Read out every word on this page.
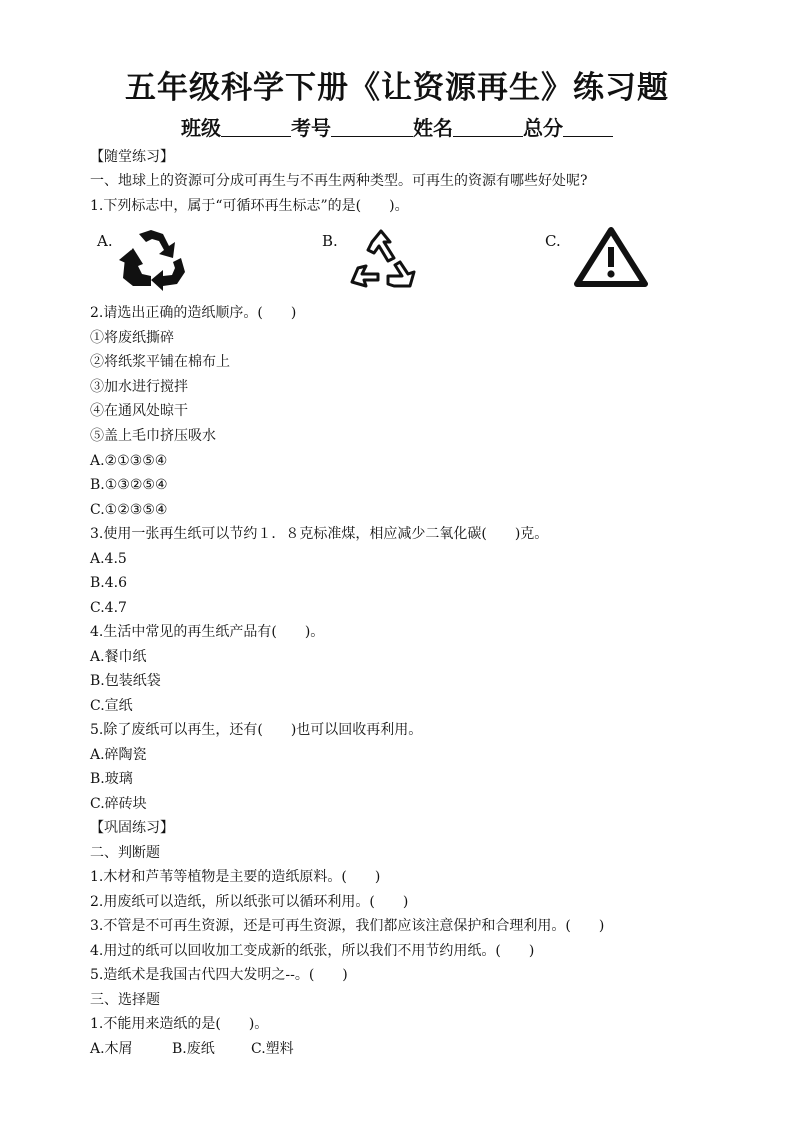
五年级科学下册《让资源再生》练习题
班级	考号	姓名	总分
【随堂练习】
一、地球上的资源可分成可再生与不再生两种类型。可再生的资源有哪些好处呢?
1.下列标志中，属于“可循环再生标志”的是(　　)。
A.	B.	C.
2.请选出正确的造纸顺序。(　　)
①将废纸撕碎
②将纸浆平铺在棉布上
③加水进行搅拌
④在通风处晾干
⑤盖上毛巾挤压吸水
A.②①③⑤④
B.①③②⑤④
C.①②③⑤④
3.使用一张再生纸可以节约１．８克标准煤，相应减少二氧化碳(　　)克。
A.4.5
B.4.6
C.4.7
4.生活中常见的再生纸产品有(　　)。
A.餐巾纸
B.包装纸袋
C.宣纸
5.除了废纸可以再生，还有(　　)也可以回收再利用。
A.碎陶瓷
B.玻璃
C.碎砖块
【巩固练习】
二、判断题
1.木材和芦苇等植物是主要的造纸原料。(　　)
2.用废纸可以造纸，所以纸张可以循环利用。(　　)
3.不管是不可再生资源，还是可再生资源，我们都应该注意保护和合理利用。(　　)
4.用过的纸可以回收加工变成新的纸张，所以我们不用节约用纸。(　　)
5.造纸术是我国古代四大发明之--。(　　)
三、选择题
1.不能用来造纸的是(　　)。
A.木屑	B.废纸	C.塑料
